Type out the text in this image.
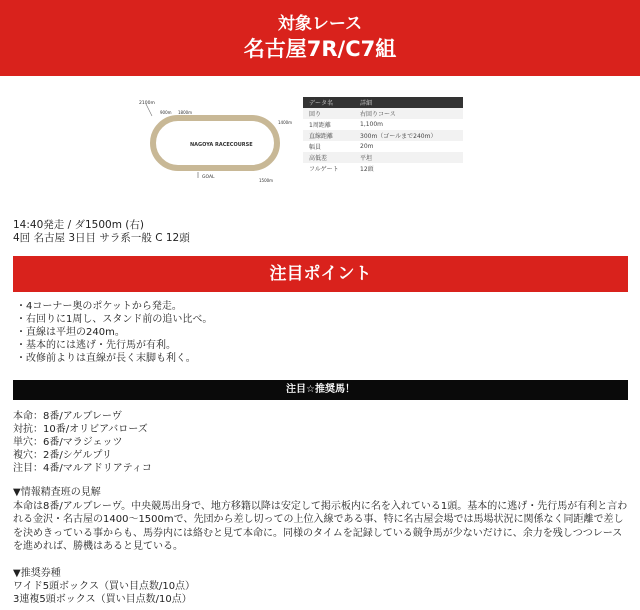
対象レース
名古屋7R/C7組
2100m
900m 1800m
1400m
NAGOYA RACECOURSE
GOAL
1500m
データ名	詳細
回り	右回りコース
1周距離	1,100m
直線距離	300m（ゴールまで240m）
幅員	20m
高低差	平坦
フルゲート	12頭
14:40発走 / ダ1500m (右)
4回 名古屋 3日目 サラ系一般 C 12頭
注目ポイント
・4コーナー奥のポケットから発走。
・右回りに1周し、スタンド前の追い比べ。
・直線は平坦の240m。
・基本的には逃げ・先行馬が有利。
・改修前よりは直線が長く末脚も利く。
注目☆推奨馬！
本命：8番/アルブレーヴ
対抗：10番/オリビアバローズ
単穴：6番/マラジェッツ
複穴：2番/シゲルプリ
注目：4番/マルアドリアティコ
▼情報精査班の見解
本命は8番/アルブレーヴ。中央競馬出身で、地方移籍以降は安定して掲示板内に名を入れている1頭。基本的に逃げ・先行馬が有利と言われる金沢・名古屋の1400〜1500mで、先団から差し切っての上位入線である事、特に名古屋会場では馬場状況に関係なく同距離で差しを決めきっている事からも、馬券内には絡むと見て本命に。同様のタイムを記録している競争馬が少ないだけに、余力を残しつつレースを進めれば、勝機はあると見ている。
▼推奨券種
ワイド5頭ボックス（買い目点数/10点）
3連複5頭ボックス（買い目点数/10点）
